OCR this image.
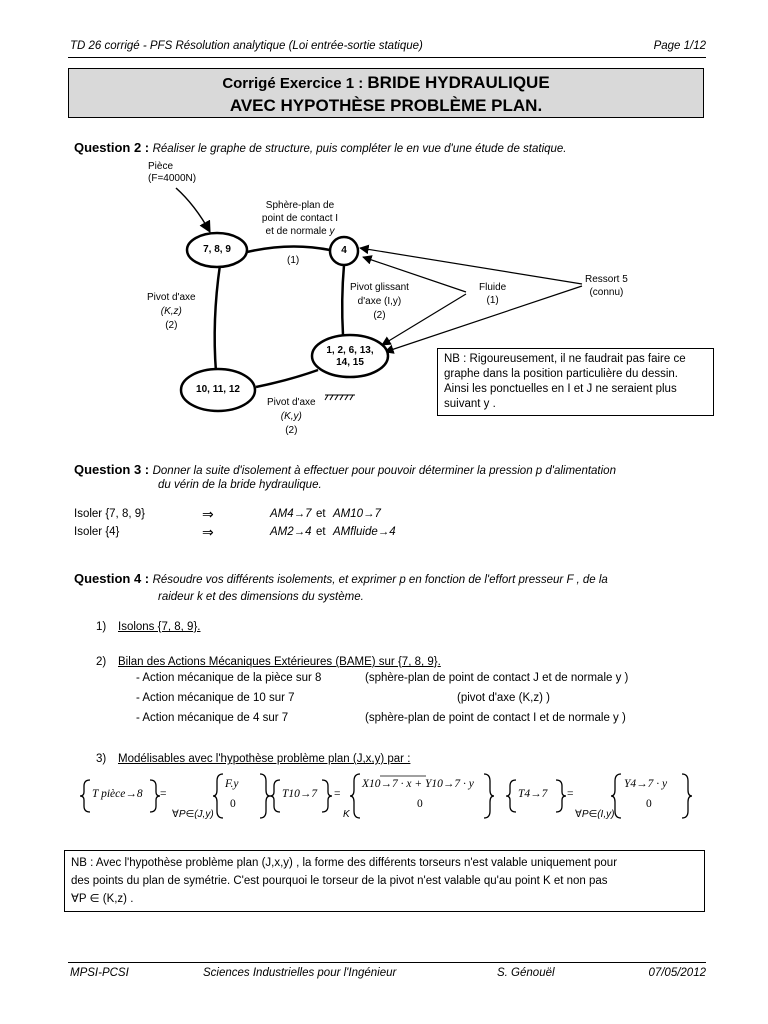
TD 26 corrigé - PFS Résolution analytique (Loi entrée-sortie statique)	Page 1/12
Corrigé Exercice 1 : BRIDE HYDRAULIQUE
AVEC HYPOTHÈSE PROBLÈME PLAN.
Question 2 : Réaliser le graphe de structure, puis compléter le en vue d'une étude de statique.
Pièce
(F=4000N)
Sphère-plan de
point de contact I
et de normale y
(1)
7, 8, 9	4
1, 2, 6, 13,
14, 15
10, 11, 12
Pivot d'axe
(K,z)
(2)
Pivot glissant
d'axe (I,y)
(2)
Fluide
(1)
Ressort 5
(connu)
Pivot d'axe
(K,y)
(2)
NB : Rigoureusement, il ne faudrait pas faire ce
graphe dans la position particulière du dessin.
Ainsi les ponctuelles en I et J ne seraient plus
suivant y .
Question 3 : Donner la suite d'isolement à effectuer pour pouvoir déterminer la pression p d'alimentation
du vérin de la bride hydraulique.
Isoler {7, 8, 9}	⇒	AM4→7 et AM10→7
Isoler {4}	⇒	AM2→4 et AMfluide→4
Question 4 : Résoudre vos différents isolements, et exprimer p en fonction de l'effort presseur F , de la
raideur k et des dimensions du système.
1) Isolons {7, 8, 9}.
2) Bilan des Actions Mécaniques Extérieures (BAME) sur {7, 8, 9}.
- Action mécanique de la pièce sur 8	(sphère-plan de point de contact J et de normale y )
- Action mécanique de 10 sur 7	(pivot d'axe (K,z) )
- Action mécanique de 4 sur 7	(sphère-plan de point de contact I et de normale y )
3) Modélisables avec l'hypothèse problème plan (J,x,y) par :
T pièce→8 =
F.y
0
∀P∈(J,y)
T10→7 =
X10→7 · x + Y10→7 · y
0
K
T4→7 =
Y4→7 · y
0
∀P∈(I,y)
NB : Avec l'hypothèse problème plan (J,x,y) , la forme des différents torseurs n'est valable uniquement pour
des points du plan de symétrie. C'est pourquoi le torseur de la pivot n'est valable qu'au point K et non pas
∀P ∈ (K,z) .
MPSI-PCSI	Sciences Industrielles pour l'Ingénieur	S. Génouël	07/05/2012
